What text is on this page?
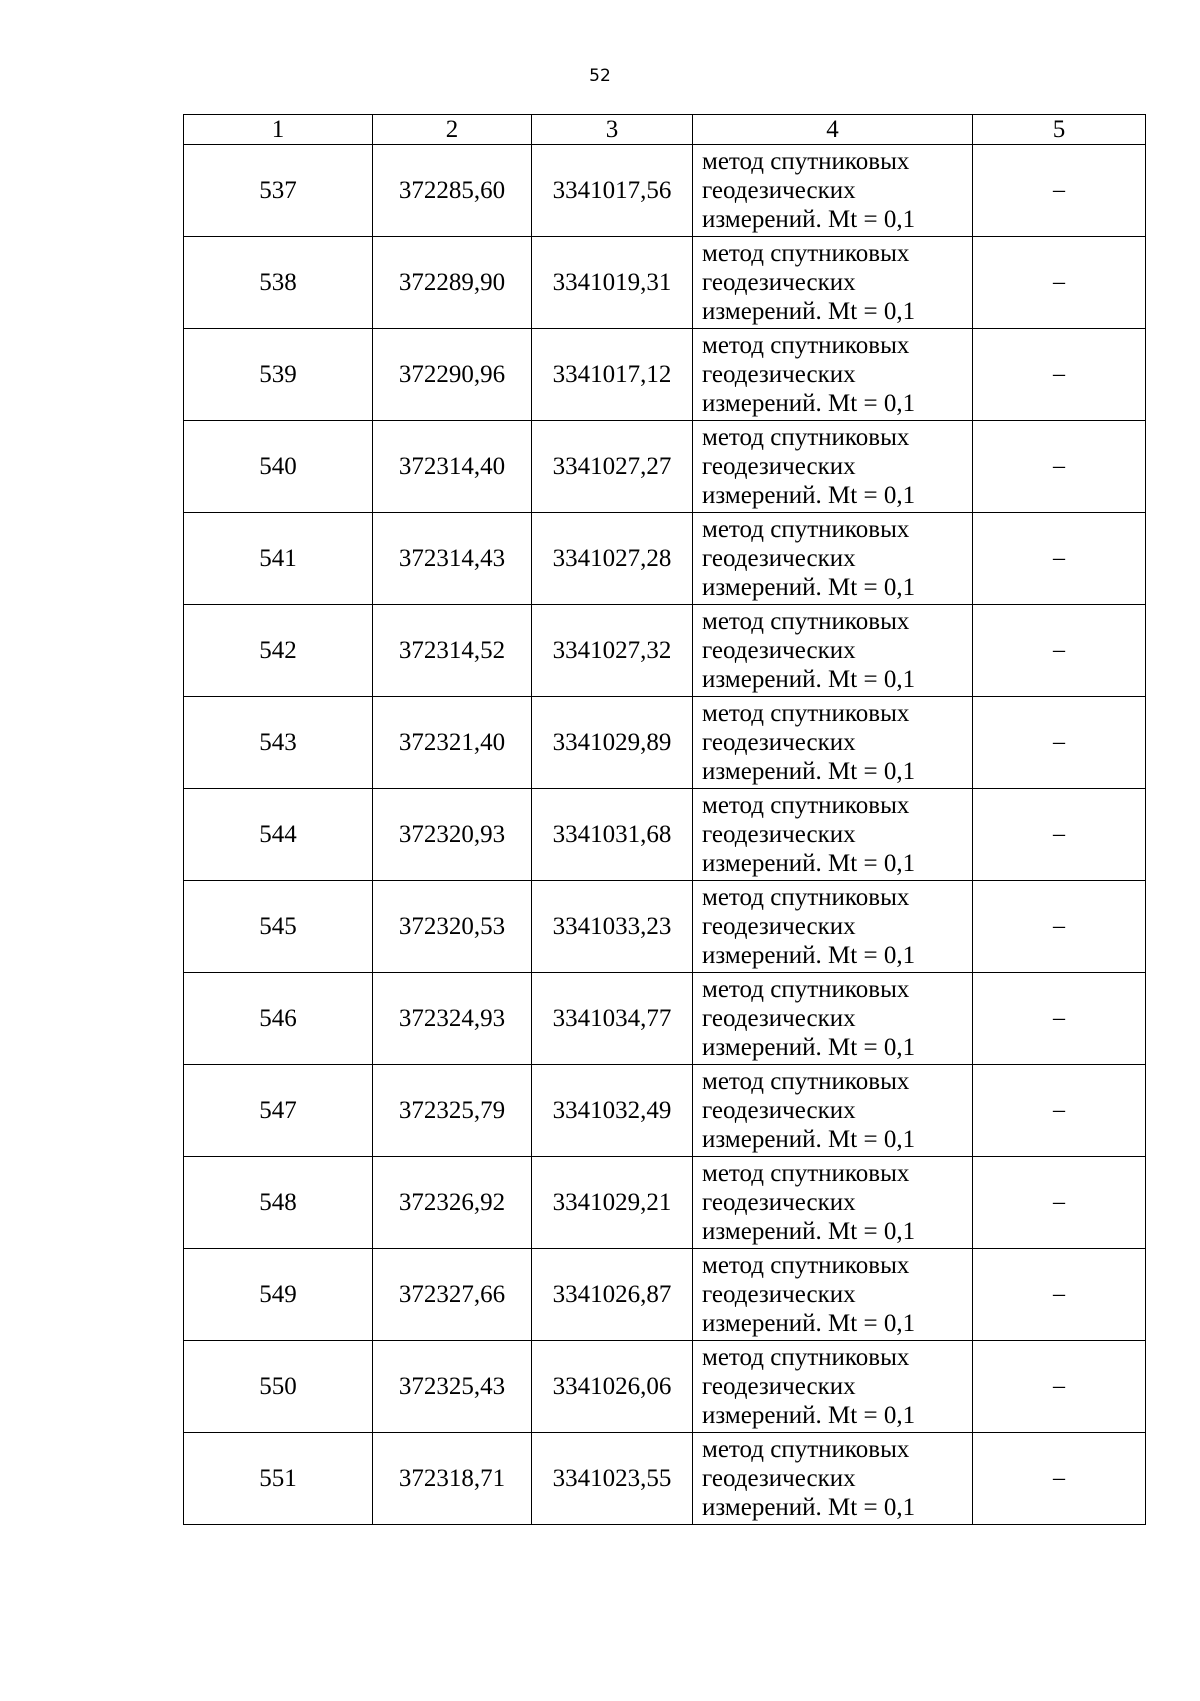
52
1	2	3	4	5
537	372285,60	3341017,56	метод спутниковых
геодезических
измерений. Mt = 0,1	–
538	372289,90	3341019,31	метод спутниковых
геодезических
измерений. Mt = 0,1	–
539	372290,96	3341017,12	метод спутниковых
геодезических
измерений. Mt = 0,1	–
540	372314,40	3341027,27	метод спутниковых
геодезических
измерений. Mt = 0,1	–
541	372314,43	3341027,28	метод спутниковых
геодезических
измерений. Mt = 0,1	–
542	372314,52	3341027,32	метод спутниковых
геодезических
измерений. Mt = 0,1	–
543	372321,40	3341029,89	метод спутниковых
геодезических
измерений. Mt = 0,1	–
544	372320,93	3341031,68	метод спутниковых
геодезических
измерений. Mt = 0,1	–
545	372320,53	3341033,23	метод спутниковых
геодезических
измерений. Mt = 0,1	–
546	372324,93	3341034,77	метод спутниковых
геодезических
измерений. Mt = 0,1	–
547	372325,79	3341032,49	метод спутниковых
геодезических
измерений. Mt = 0,1	–
548	372326,92	3341029,21	метод спутниковых
геодезических
измерений. Mt = 0,1	–
549	372327,66	3341026,87	метод спутниковых
геодезических
измерений. Mt = 0,1	–
550	372325,43	3341026,06	метод спутниковых
геодезических
измерений. Mt = 0,1	–
551	372318,71	3341023,55	метод спутниковых
геодезических
измерений. Mt = 0,1	–
